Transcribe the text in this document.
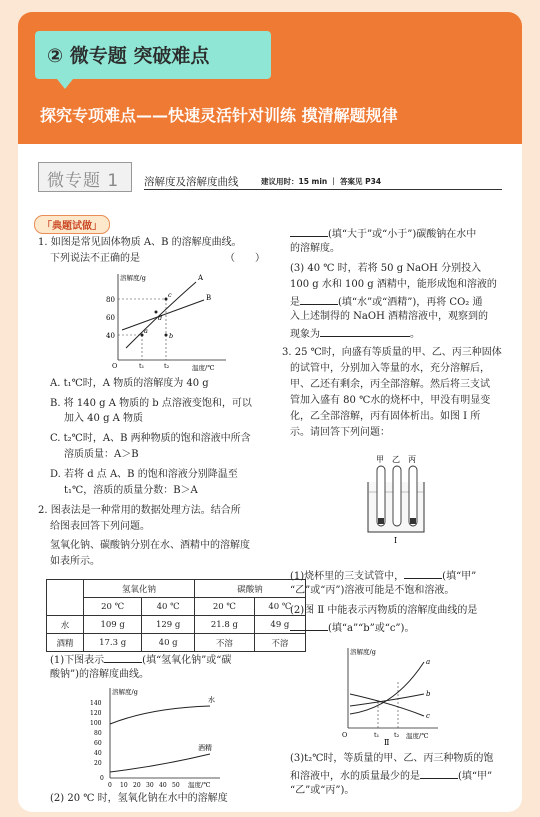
② 微专题 突破难点
探究专项难点——快速灵活针对训练 摸清解题规律
微专题 1 溶解度及溶解度曲线	建议用时：15 min ｜ 答案见 P34
「典题试做」
1. 如图是常见固体物质 A、B 的溶解度曲线。
下列说法不正确的是	（　　）
溶解度/g
温度/℃
80
60
40
O	t₁	t₂
A
B
a
b
c
d
A. t₁℃时，A 物质的溶解度为 40 g
B. 将 140 g A 物质的 b 点溶液变饱和，可以
加入 40 g A 物质
C. t₂℃时，A、B 两种物质的饱和溶液中所含
溶质质量：A＞B
D. 若将 d 点 A、B 的饱和溶液分别降温至
t₁℃，溶质的质量分数：B＞A
2. 图表法是一种常用的数据处理方法。结合所
给图表回答下列问题。
氢氧化钠、碳酸钠分别在水、酒精中的溶解度
如表所示。
	氢氧化钠		碳酸钠	
	20 ℃	40 ℃	20 ℃	40 ℃
水	109 g	129 g	21.8 g	49 g
酒精	17.3 g	40 g	不溶	不溶
(1)下图表示	(填“氢氧化钠”或“碳
酸钠”)的溶解度曲线。
溶解度/g
温度/℃
140
120
100
80
60
40
20
0
0 10 20 30 40 50
水
酒精
(2) 20 ℃ 时，氢氧化钠在水中的溶解度
(填“大于”或“小于”)碳酸钠在水中
的溶解度。
(3) 40 ℃ 时，若将 50 g NaOH 分别投入
100 g 水和 100 g 酒精中，能形成饱和溶液的
是	(填“水”或“酒精”)，再将 CO₂ 通
入上述制得的 NaOH 酒精溶液中，观察到的
现象为	。
3. 25 ℃时，向盛有等质量的甲、乙、丙三种固体
的试管中，分别加入等量的水，充分溶解后，
甲、乙还有剩余，丙全部溶解。然后将三支试
管加入盛有 80 ℃水的烧杯中，甲没有明显变
化，乙全部溶解，丙有固体析出。如图 Ⅰ 所
示。请回答下列问题：
甲 乙 丙
Ⅰ
(1)烧杯里的三支试管中，	(填“甲”
“乙”或“丙”)溶液可能是不饱和溶液。
(2)图 Ⅱ 中能表示丙物质的溶解度曲线的是
(填“a”“b”或“c”)。
溶解度/g
温度/℃
O	t₁ t₂
a
b
c
Ⅱ
(3)t₂℃时，等质量的甲、乙、丙三种物质的饱
和溶液中，水的质量最少的是	(填“甲”
“乙”或“丙”)。
